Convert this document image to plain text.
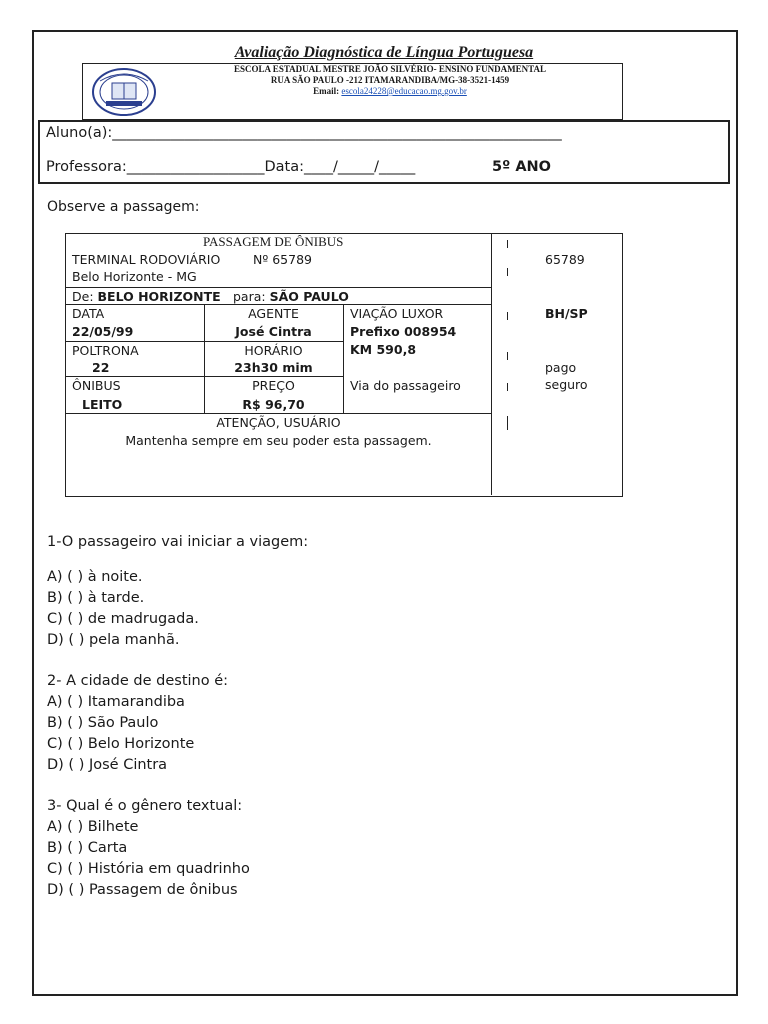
Avaliação Diagnóstica de Língua Portuguesa
ESCOLA ESTADUAL MESTRE JOÃO SILVÉRIO- ENSINO FUNDAMENTAL
RUA SÃO PAULO -212 ITAMARANDIBA/MG-38-3521-1459
Email: escola24228@educacao.mg.gov.br
Aluno(a):______________________________________________________________
Professora:___________________Data:____/_____/_____	5º ANO
Observe a passagem:
PASSAGEM DE ÔNIBUS
TERMINAL RODOVIÁRIO	Nº 65789
Belo Horizonte - MG
De: BELO HORIZONTE para: SÃO PAULO
DATA
22/05/99
AGENTE
José Cintra
VIAÇÃO LUXOR
Prefixo 008954
KM 590,8
POLTRONA
22
HORÁRIO
23h30 mim
ÔNIBUS
LEITO
PREÇO
R$ 96,70
Via do passageiro
ATENÇÃO, USUÁRIO
Mantenha sempre em seu poder esta passagem.
65789
BH/SP
pago
seguro
1-O passageiro vai iniciar a viagem:
A) ( ) à noite.
B) ( ) à tarde.
C) ( ) de madrugada.
D) ( ) pela manhã.
2- A cidade de destino é:
A) ( ) Itamarandiba
B) ( ) São Paulo
C) ( ) Belo Horizonte
D) ( ) José Cintra
3- Qual é o gênero textual:
A) ( ) Bilhete
B) ( ) Carta
C) ( ) História em quadrinho
D) ( ) Passagem de ônibus
